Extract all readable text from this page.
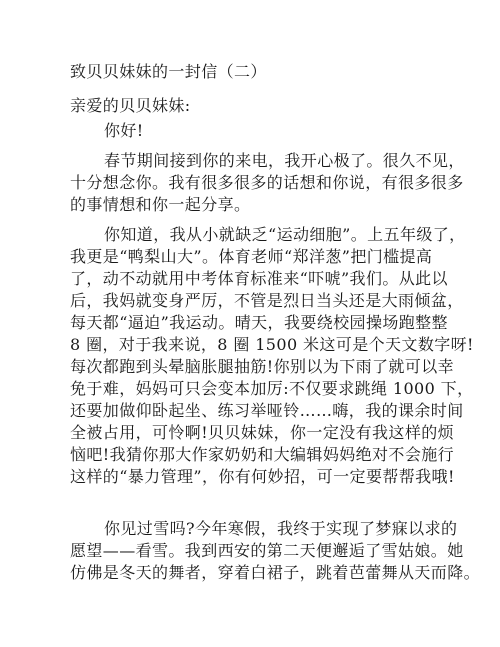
致贝贝妹妹的一封信（二）
亲爱的贝贝妹妹:
你好!
春节期间接到你的来电，我开心极了。很久不见，
十分想念你。我有很多很多的话想和你说，有很多很多
的事情想和你一起分享。
你知道，我从小就缺乏“运动细胞”。上五年级了，
我更是“鸭梨山大”。体育老师“郑洋葱”把门槛提高
了，动不动就用中考体育标准来“吓唬”我们。从此以
后，我妈就变身严厉，不管是烈日当头还是大雨倾盆，
每天都“逼迫”我运动。晴天，我要绕校园操场跑整整
8 圈，对于我来说，8 圈 1500 米这可是个天文数字呀!
每次都跑到头晕脑胀腿抽筋!你别以为下雨了就可以幸
免于难，妈妈可只会变本加厉:不仅要求跳绳 1000 下，
还要加做仰卧起坐、练习举哑铃……嗨，我的课余时间
全被占用，可怜啊!贝贝妹妹，你一定没有我这样的烦
恼吧!我猜你那大作家奶奶和大编辑妈妈绝对不会施行
这样的“暴力管理”，你有何妙招，可一定要帮帮我哦!
你见过雪吗?今年寒假，我终于实现了梦寐以求的
愿望——看雪。我到西安的第二天便邂逅了雪姑娘。她
仿佛是冬天的舞者，穿着白裙子，跳着芭蕾舞从天而降。
